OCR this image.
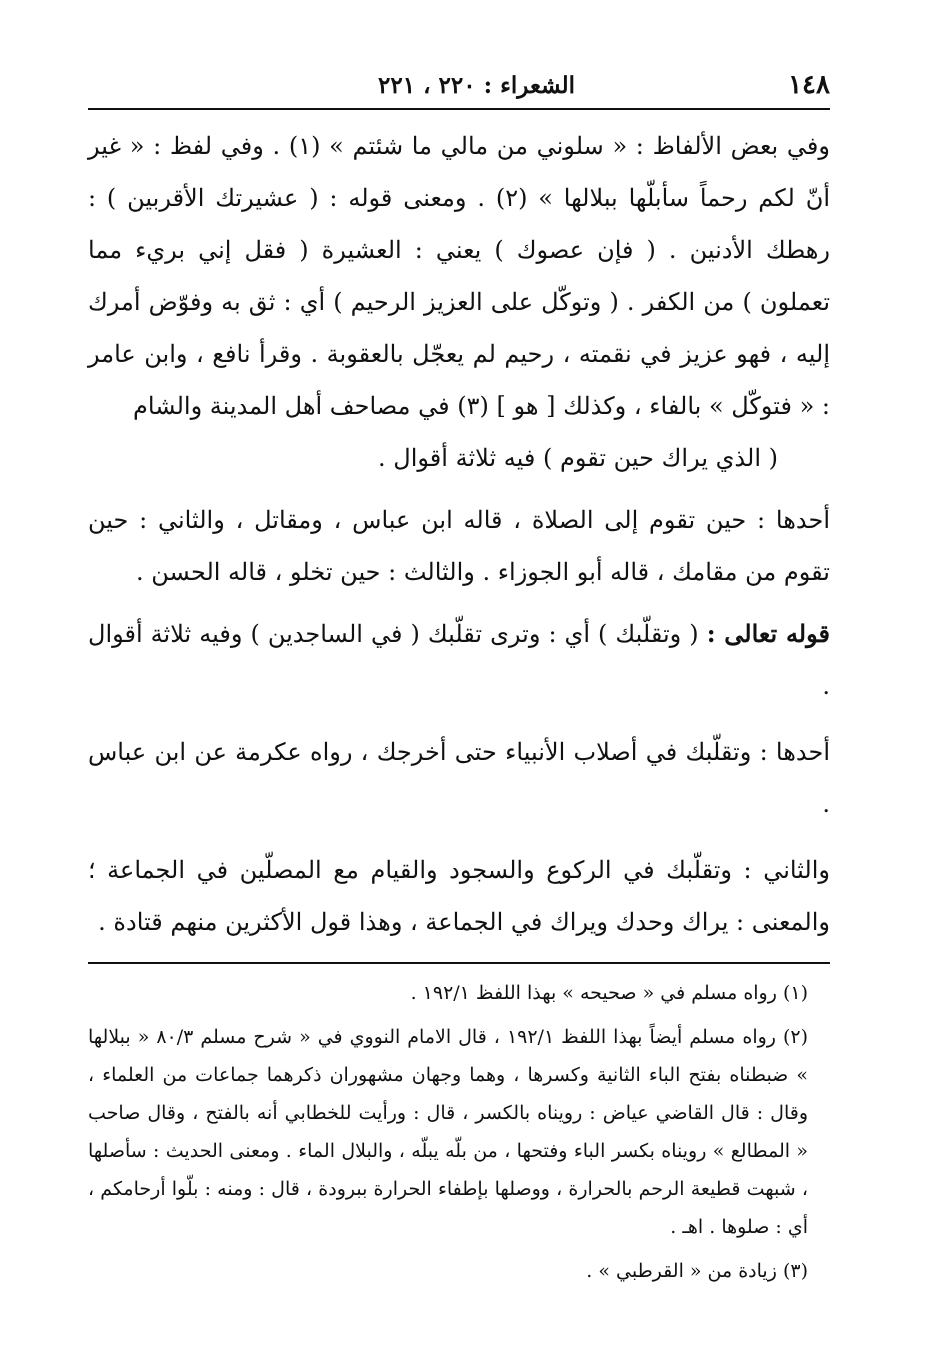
١٤٨
الشعراء : ٢٢٠ ، ٢٢١

وفي بعض الألفاظ : « سلوني من مالي ما شئتم » (١) . وفي لفظ : « غير أنّ لكم رحماً سأبلّها ببلالها » (٢) . ومعنى قوله : ( عشيرتك الأقربين ) : رهطك الأدنين . ( فإن عصوك ) يعني : العشيرة ( فقل إني بريء مما تعملون ) من الكفر . ( وتوكّل على العزيز الرحيم ) أي : ثق به وفوّض أمرك إليه ، فهو عزيز في نقمته ، رحيم لم يعجّل بالعقوبة . وقرأ نافع ، وابن عامر : « فتوكّل » بالفاء ، وكذلك [ هو ] (٣) في مصاحف أهل المدينة والشام

( الذي يراك حين تقوم ) فيه ثلاثة أقوال .

أحدها : حين تقوم إلى الصلاة ، قاله ابن عباس ، ومقاتل ، والثاني : حين تقوم من مقامك ، قاله أبو الجوزاء . والثالث : حين تخلو ، قاله الحسن .

قوله تعالى : ( وتقلّبك ) أي : وترى تقلّبك ( في الساجدين ) وفيه ثلاثة أقوال .

أحدها : وتقلّبك في أصلاب الأنبياء حتى أخرجك ، رواه عكرمة عن ابن عباس .

والثاني : وتقلّبك في الركوع والسجود والقيام مع المصلّين في الجماعة ؛ والمعنى : يراك وحدك ويراك في الجماعة ، وهذا قول الأكثرين منهم قتادة .

(١) رواه مسلم في « صحيحه » بهذا اللفظ ١٩٢/١ .

(٢) رواه مسلم أيضاً بهذا اللفظ ١٩٢/١ ، قال الامام النووي في « شرح مسلم ٨٠/٣ « ببلالها » ضبطناه بفتح الباء الثانية وكسرها ، وهما وجهان مشهوران ذكرهما جماعات من العلماء ، وقال : قال القاضي عياض : رويناه بالكسر ، قال : ورأيت للخطابي أنه بالفتح ، وقال صاحب « المطالع » رويناه بكسر الباء وفتحها ، من بلّه يبلّه ، والبلال الماء . ومعنى الحديث : سأصلها ، شبهت قطيعة الرحم بالحرارة ، ووصلها بإطفاء الحرارة ببرودة ، قال : ومنه : بلّوا أرحامكم ، أي : صلوها . اهـ .

(٣) زيادة من « القرطبي » .
